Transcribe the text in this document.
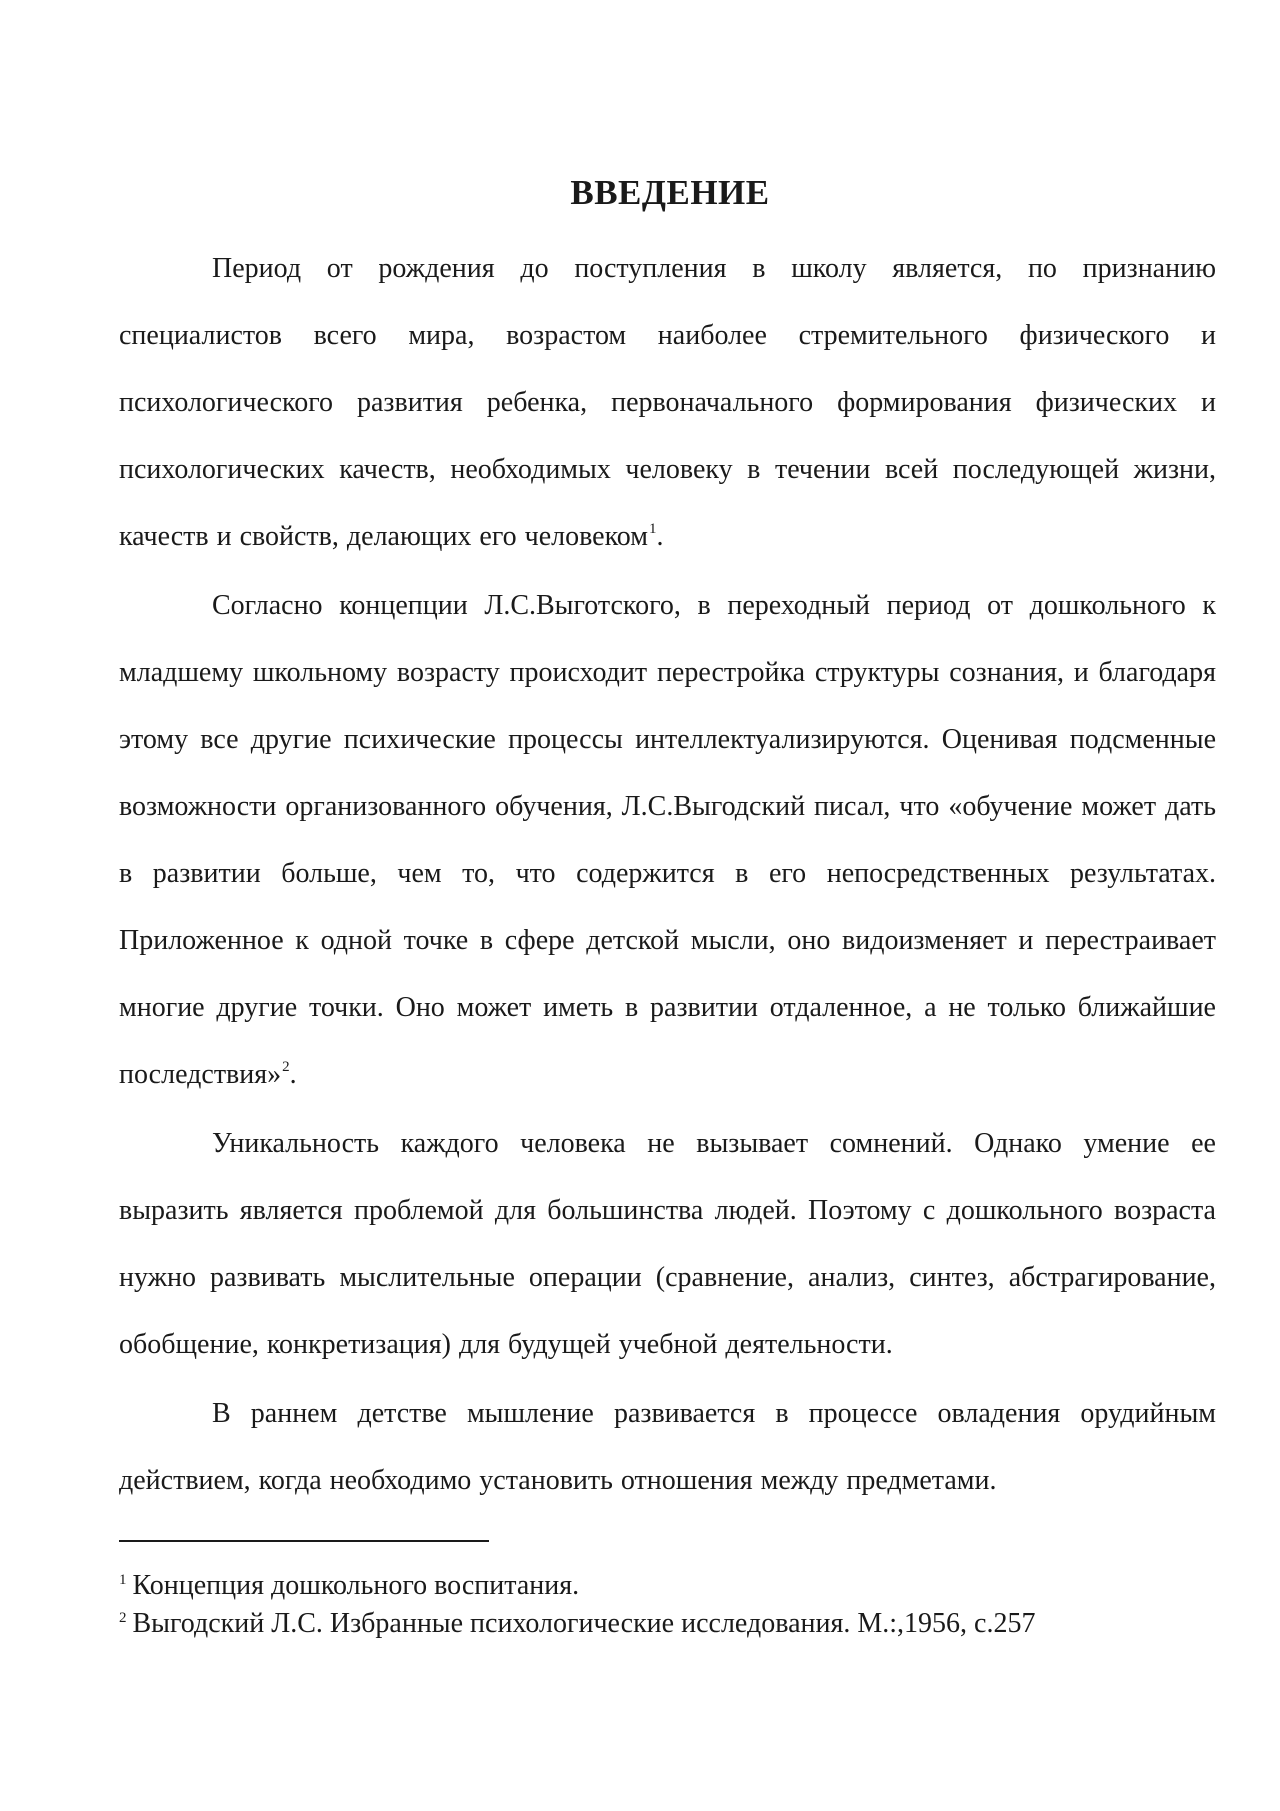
ВВЕДЕНИЕ

Период от рождения до поступления в школу является, по признанию специалистов всего мира, возрастом наиболее стремительного физического и психологического развития ребенка, первоначального формирования физических и психологических качеств, необходимых человеку в течении всей последующей жизни, качеств и свойств, делающих его человеком$^1$.

Согласно концепции Л.С.Выготского, в переходный период от дошкольного к младшему школьному возрасту происходит перестройка структуры сознания, и благодаря этому все другие психические процессы интеллектуализируются. Оценивая подсменные возможности организованного обучения, Л.С.Выгодский писал, что «обучение может дать в развитии больше, чем то, что содержится в его непосредственных результатах. Приложенное к одной точке в сфере детской мысли, оно видоизменяет и перестраивает многие другие точки. Оно может иметь в развитии отдаленное, а не только ближайшие последствия»$^2$.

Уникальность каждого человека не вызывает сомнений. Однако умение ее выразить является проблемой для большинства людей. Поэтому с дошкольного возраста нужно развивать мыслительные операции (сравнение, анализ, синтез, абстрагирование, обобщение, конкретизация) для будущей учебной деятельности.

В раннем детстве мышление развивается в процессе овладения орудийным действием, когда необходимо установить отношения между предметами.

$^1$ Концепция дошкольного воспитания.

$^2$ Выгодский Л.С. Избранные психологические исследования. М.:,1956, с.257
